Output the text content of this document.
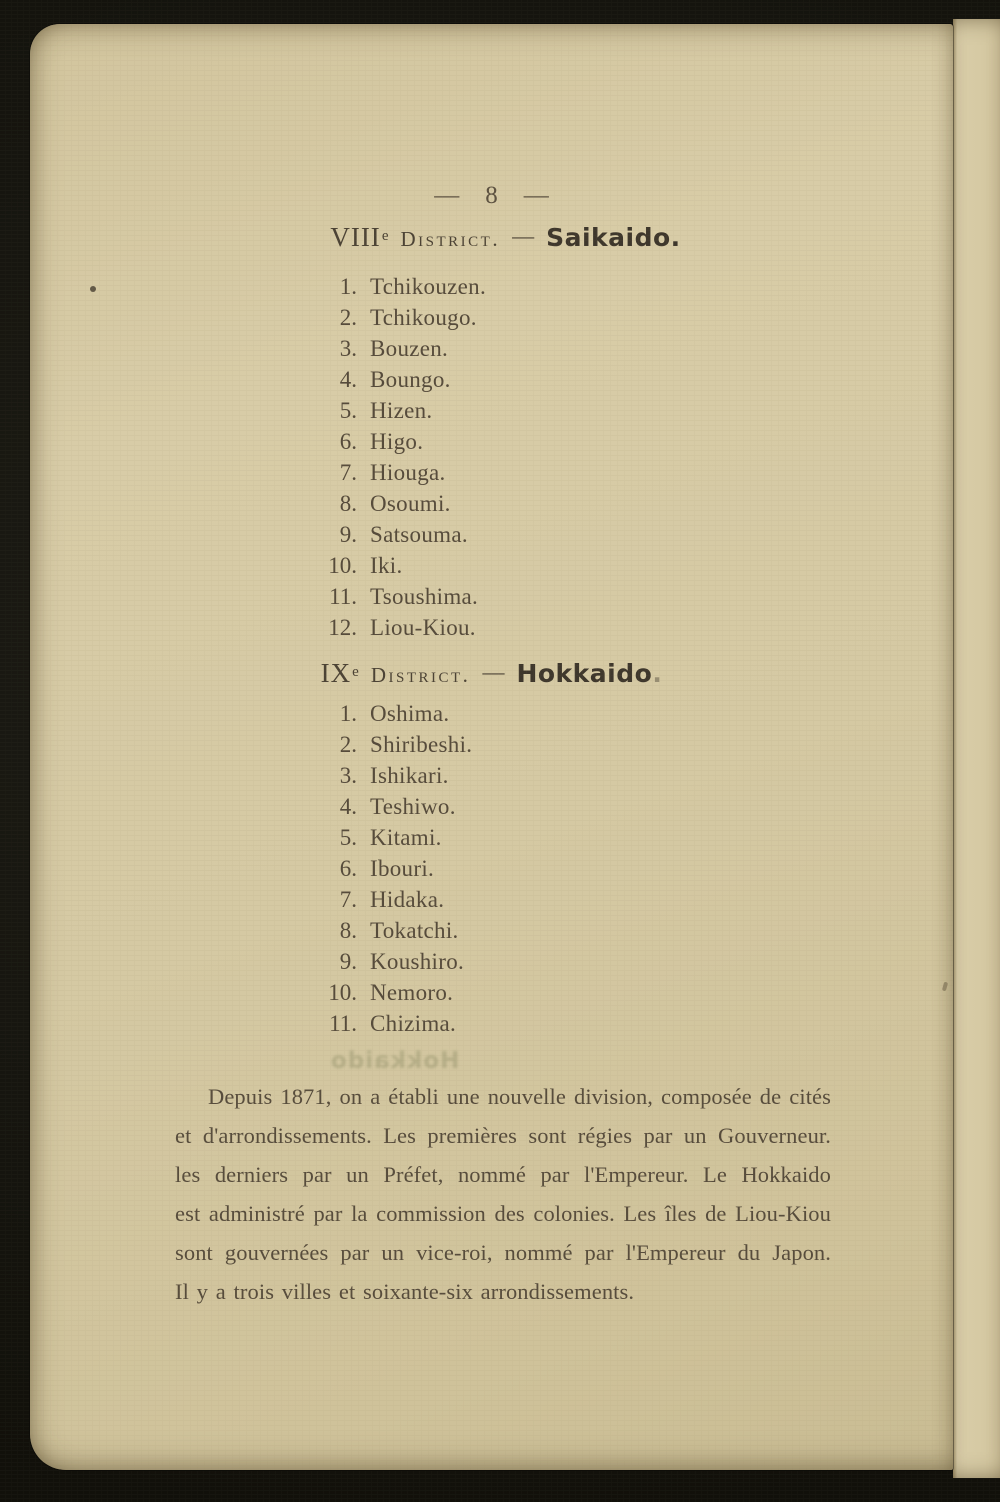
— 8 —
VIIIe District. — Saikaido.
1. Tchikouzen.
2. Tchikougo.
3. Bouzen.
4. Boungo.
5. Hizen.
6. Higo.
7. Hiouga.
8. Osoumi.
9. Satsouma.
10. Iki.
11. Tsoushima.
12. Liou-Kiou.
IXe District. — Hokkaido.
1. Oshima.
2. Shiribeshi.
3. Ishikari.
4. Teshiwo.
5. Kitami.
6. Ibouri.
7. Hidaka.
8. Tokatchi.
9. Koushiro.
10. Nemoro.
11. Chizima.
Hokkaido
Depuis 1871, on a établi une nouvelle division, composée de cités
et d'arrondissements. Les premières sont régies par un Gouverneur.
les derniers par un Préfet, nommé par l'Empereur. Le Hokkaido
est administré par la commission des colonies. Les îles de Liou-Kiou
sont gouvernées par un vice-roi, nommé par l'Empereur du Japon.
Il y a trois villes et soixante-six arrondissements.
